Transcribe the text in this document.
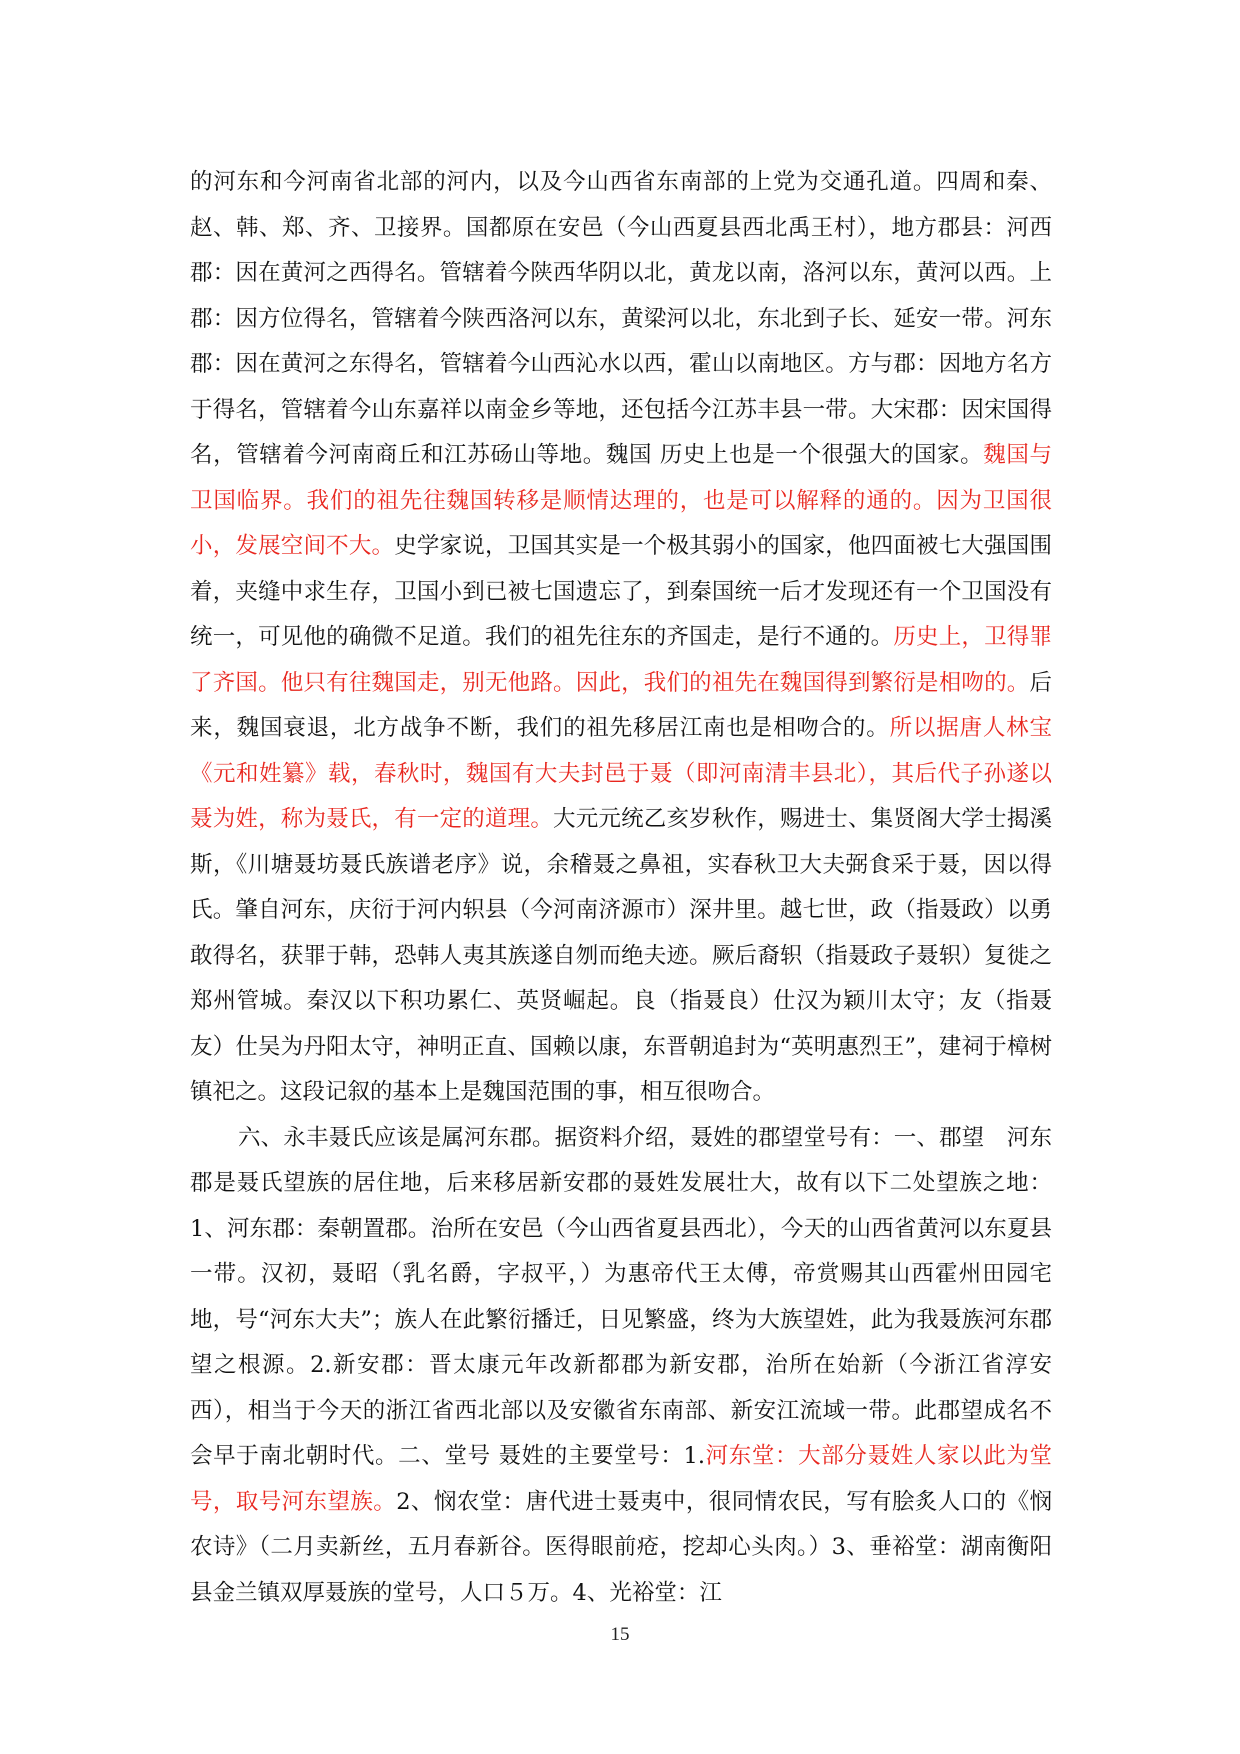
的河东和今河南省北部的河内，以及今山西省东南部的上党为交通孔道。四周和秦、赵、韩、郑、齐、卫接界。国都原在安邑（今山西夏县西北禹王村），地方郡县：河西郡：因在黄河之西得名。管辖着今陕西华阴以北，黄龙以南，洛河以东，黄河以西。上郡：因方位得名，管辖着今陕西洛河以东，黄梁河以北，东北到子长、延安一带。河东郡：因在黄河之东得名，管辖着今山西沁水以西，霍山以南地区。方与郡：因地方名方于得名，管辖着今山东嘉祥以南金乡等地，还包括今江苏丰县一带。大宋郡：因宋国得名，管辖着今河南商丘和江苏砀山等地。魏国 历史上也是一个很强大的国家。魏国与卫国临界。我们的祖先往魏国转移是顺情达理的，也是可以解释的通的。因为卫国很小，发展空间不大。史学家说，卫国其实是一个极其弱小的国家，他四面被七大强国围着，夹缝中求生存，卫国小到已被七国遗忘了，到秦国统一后才发现还有一个卫国没有统一，可见他的确微不足道。我们的祖先往东的齐国走，是行不通的。历史上，卫得罪了齐国。他只有往魏国走，别无他路。因此，我们的祖先在魏国得到繁衍是相吻的。后来，魏国衰退，北方战争不断，我们的祖先移居江南也是相吻合的。所以据唐人林宝《元和姓纂》载，春秋时，魏国有大夫封邑于聂（即河南清丰县北），其后代子孙遂以聂为姓，称为聂氏，有一定的道理。大元元统乙亥岁秋作，赐进士、集贤阁大学士揭溪斯，《川塘聂坊聂氏族谱老序》说，余稽聂之鼻祖，实春秋卫大夫弼食采于聂，因以得氏。肇自河东，庆衍于河内轵县（今河南济源市）深井里。越七世，政（指聂政）以勇敢得名，获罪于韩，恐韩人夷其族遂自刎而绝夫迹。厥后裔轵（指聂政子聂轵）复徙之郑州管城。秦汉以下积功累仁、英贤崛起。良（指聂良）仕汉为颖川太守；友（指聂友）仕吴为丹阳太守，神明正直、国赖以康，东晋朝追封为“英明惠烈王”，建祠于樟树镇祀之。这段记叙的基本上是魏国范围的事，相互很吻合。

六、永丰聂氏应该是属河东郡。据资料介绍，聂姓的郡望堂号有：一、郡望　河东郡是聂氏望族的居住地，后来移居新安郡的聂姓发展壮大，故有以下二处望族之地：1、河东郡：秦朝置郡。治所在安邑（今山西省夏县西北），今天的山西省黄河以东夏县一带。汉初，聂昭（乳名爵，字叔平，）为惠帝代王太傅，帝赏赐其山西霍州田园宅地，号“河东大夫”；族人在此繁衍播迁，日见繁盛，终为大族望姓，此为我聂族河东郡望之根源。2.新安郡：晋太康元年改新都郡为新安郡，治所在始新（今浙江省淳安西），相当于今天的浙江省西北部以及安徽省东南部、新安江流域一带。此郡望成名不会早于南北朝时代。二、堂号 聂姓的主要堂号：1.河东堂：大部分聂姓人家以此为堂号，取号河东望族。2、悯农堂：唐代进士聂夷中，很同情农民，写有脍炙人口的《悯农诗》（二月卖新丝，五月春新谷。医得眼前疮，挖却心头肉。）3、垂裕堂：湖南衡阳县金兰镇双厚聂族的堂号，人口５万。4、光裕堂：江

15
